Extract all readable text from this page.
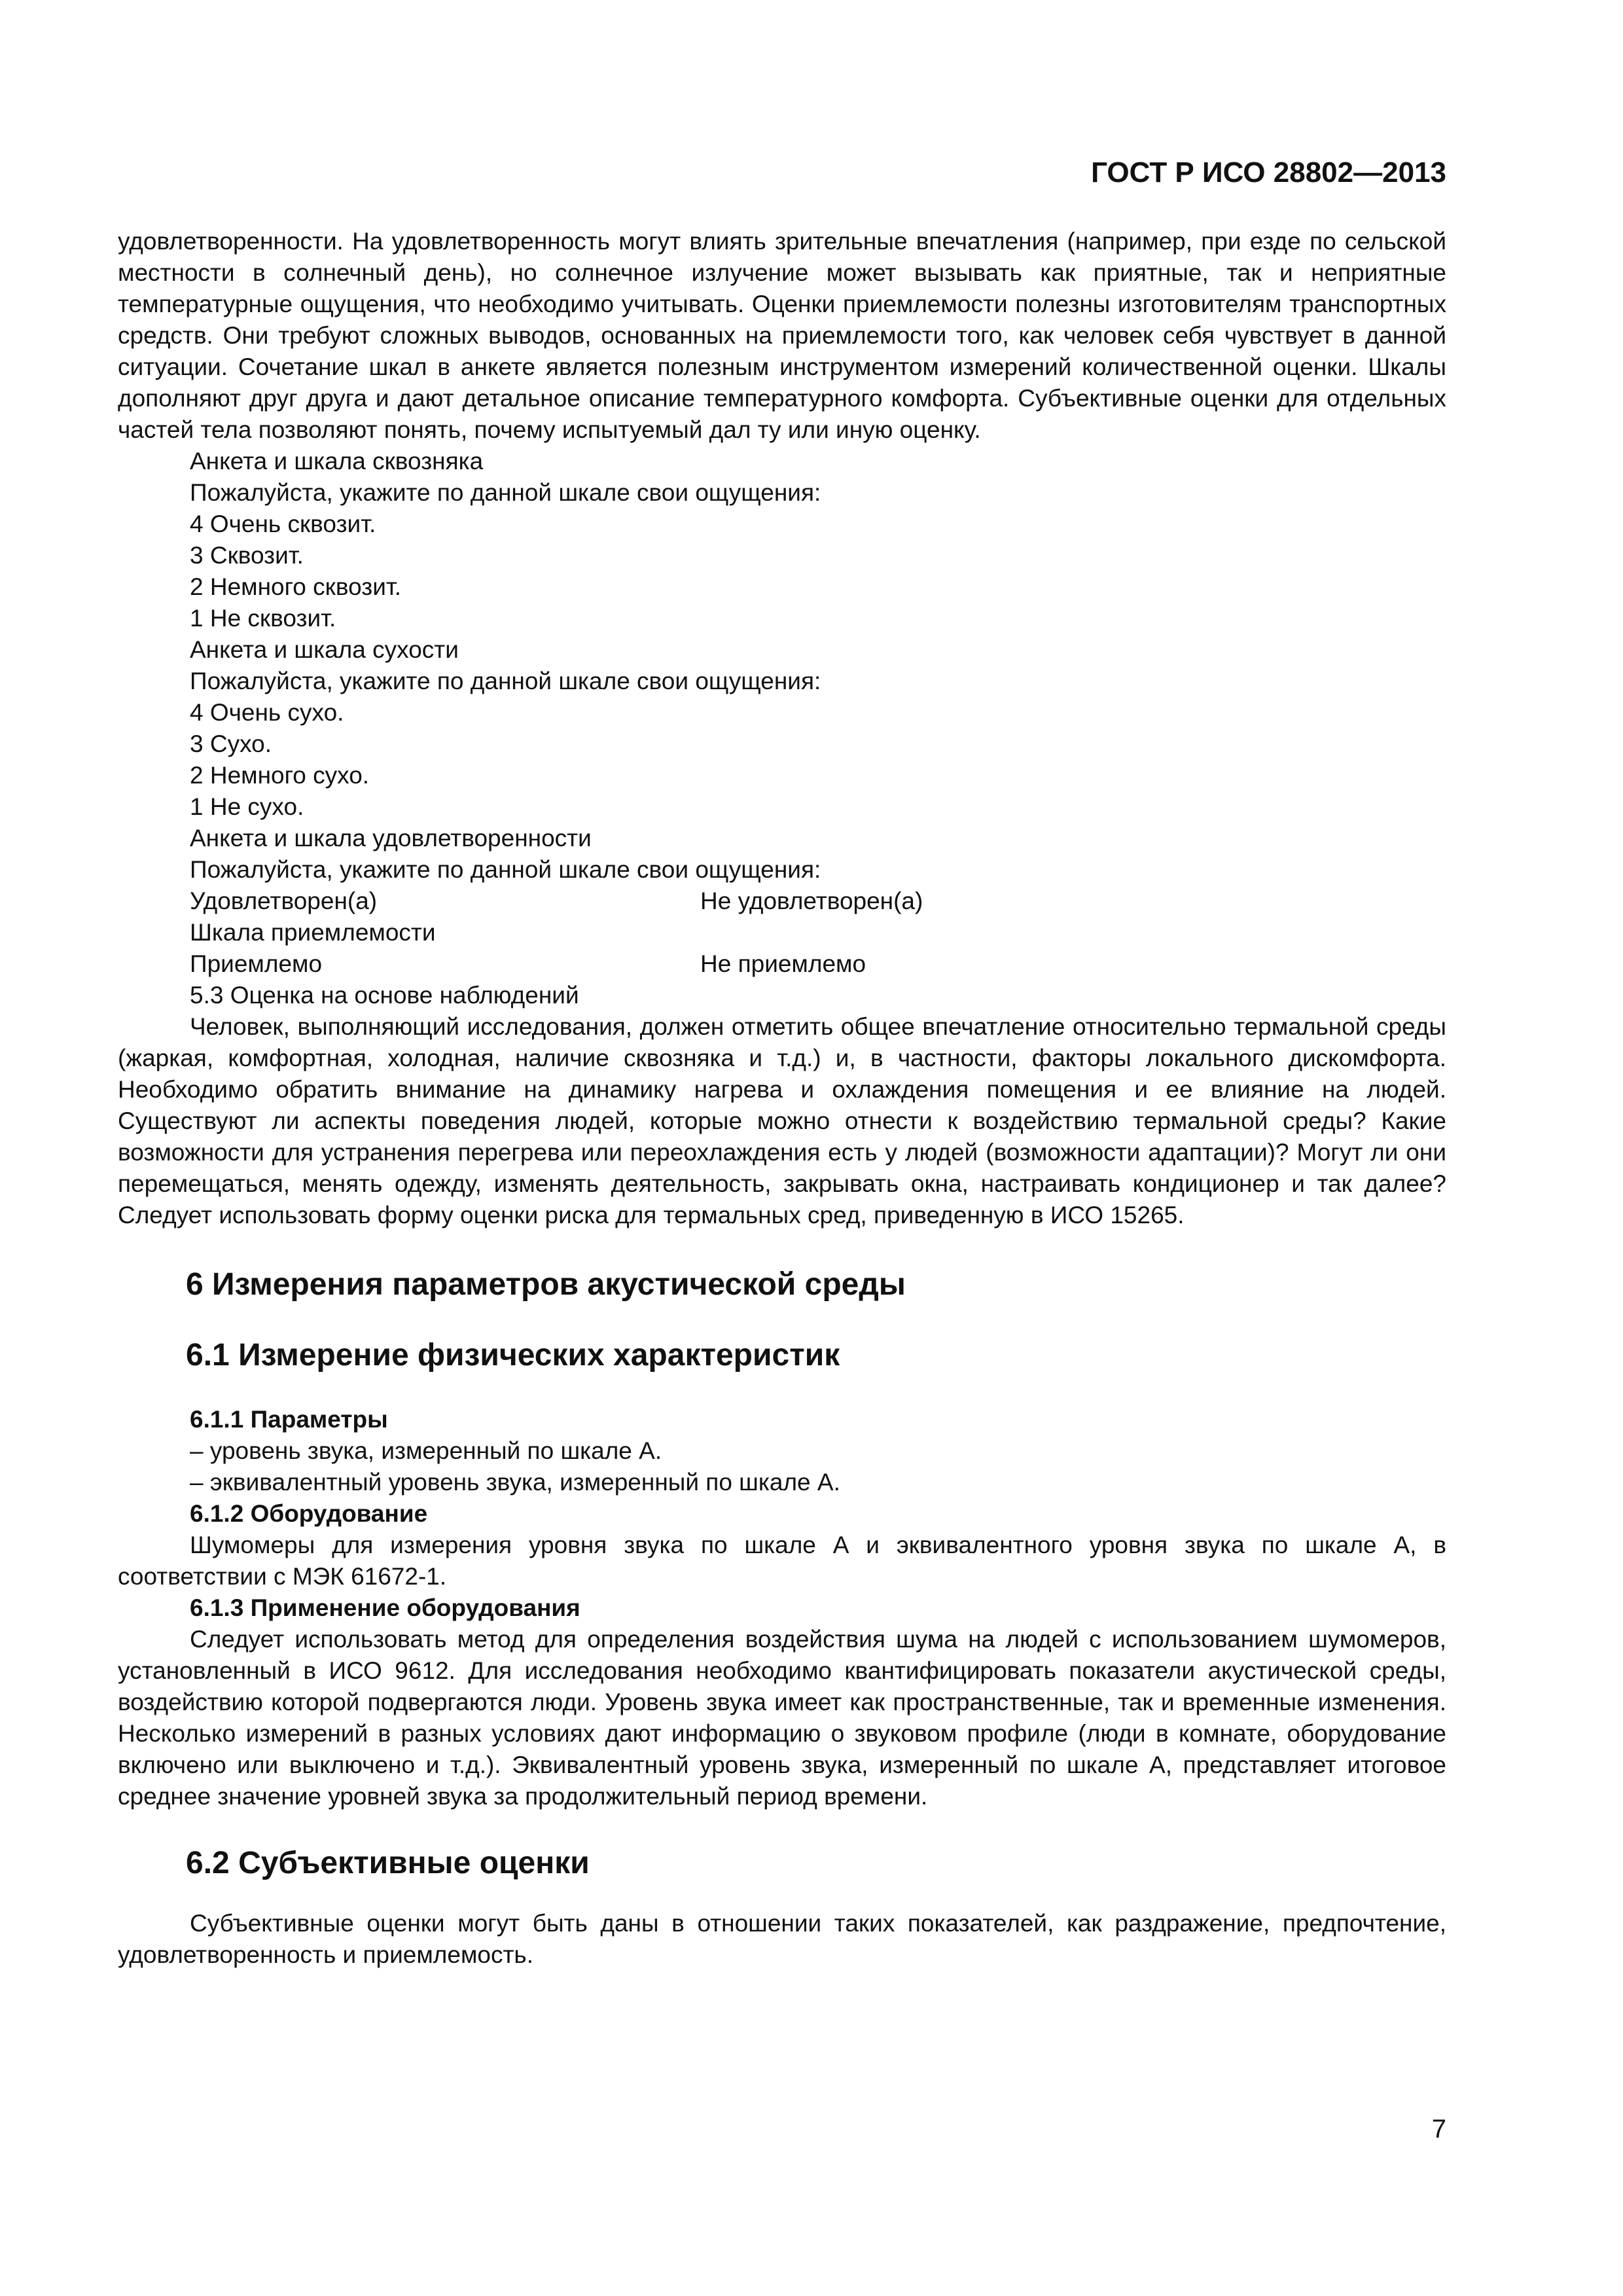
ГОСТ Р ИСО 28802—2013

удовлетворенности. На удовлетворенность могут влиять зрительные впечатления (например, при езде по сельской местности в солнечный день), но солнечное излучение может вызывать как приятные, так и неприятные температурные ощущения, что необходимо учитывать. Оценки приемлемости полезны изготовителям транспортных средств. Они требуют сложных выводов, основанных на приемлемости того, как человек себя чувствует в данной ситуации. Сочетание шкал в анкете является полезным инструментом измерений количественной оценки. Шкалы дополняют друг друга и дают детальное описание температурного комфорта. Субъективные оценки для отдельных частей тела позволяют понять, почему испытуемый дал ту или иную оценку.

Анкета и шкала сквозняка

Пожалуйста, укажите по данной шкале свои ощущения:

4 Очень сквозит.

3 Сквозит.

2 Немного сквозит.

1 Не сквозит.

Анкета и шкала сухости

Пожалуйста, укажите по данной шкале свои ощущения:

4 Очень сухо.

3 Сухо.

2 Немного сухо.

1 Не сухо.

Анкета и шкала удовлетворенности

Пожалуйста, укажите по данной шкале свои ощущения:

Удовлетворен(а)	Не удовлетворен(а)

Шкала приемлемости

Приемлемо	Не приемлемо

5.3 Оценка на основе наблюдений

Человек, выполняющий исследования, должен отметить общее впечатление относительно термальной среды (жаркая, комфортная, холодная, наличие сквозняка и т.д.) и, в частности, факторы локального дискомфорта. Необходимо обратить внимание на динамику нагрева и охлаждения помещения и ее влияние на людей. Существуют ли аспекты поведения людей, которые можно отнести к воздействию термальной среды? Какие возможности для устранения перегрева или переохлаждения есть у людей (возможности адаптации)? Могут ли они перемещаться, менять одежду, изменять деятельность, закрывать окна, настраивать кондиционер и так далее? Следует использовать форму оценки риска для термальных сред, приведенную в ИСО 15265.

6 Измерения параметров акустической среды

6.1 Измерение физических характеристик

6.1.1 Параметры

– уровень звука, измеренный по шкале А.

– эквивалентный уровень звука, измеренный по шкале А.

6.1.2 Оборудование

Шумомеры для измерения уровня звука по шкале А и эквивалентного уровня звука по шкале А, в соответствии с МЭК 61672-1.

6.1.3 Применение оборудования

Следует использовать метод для определения воздействия шума на людей с использованием шумомеров, установленный в ИСО 9612. Для исследования необходимо квантифицировать показатели акустической среды, воздействию которой подвергаются люди. Уровень звука имеет как пространственные, так и временные изменения. Несколько измерений в разных условиях дают информацию о звуковом профиле (люди в комнате, оборудование включено или выключено и т.д.). Эквивалентный уровень звука, измеренный по шкале А, представляет итоговое среднее значение уровней звука за продолжительный период времени.

6.2 Субъективные оценки

Субъективные оценки могут быть даны в отношении таких показателей, как раздражение, предпочтение, удовлетворенность и приемлемость.

7
